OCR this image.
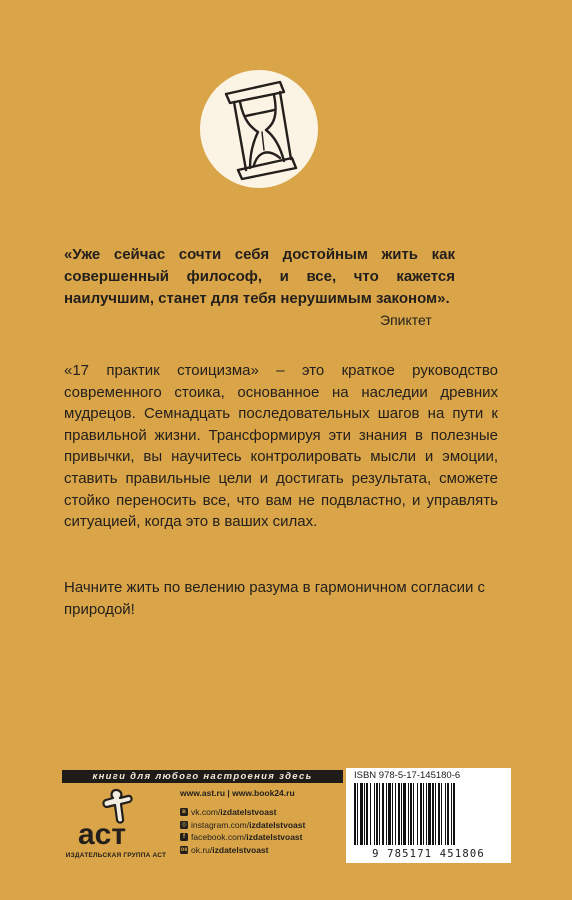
«Уже сейчас сочти себя достойным жить как совершенный философ, и все, что кажется наилучшим, станет для тебя нерушимым законом».

Эпиктет

«17 практик стоицизма» – это краткое руководство современного стоика, основанное на наследии древних мудрецов. Семнадцать последовательных шагов на пути к правильной жизни. Трансформируя эти знания в полезные привычки, вы научитесь контролировать мысли и эмоции, ставить правильные цели и достигать результата, сможете стойко переносить все, что вам не подвластно, и управлять ситуацией, когда это в ваших силах.

Начните жить по велению разума в гармоничном согласии с природой!

книги для любого настроения здесь
аст
ИЗДАТЕЛЬСКАЯ ГРУППА АСТ

www.ast.ru | www.book24.ru

в vk.com/ izdatelstvoast
◎ instagram.com/ izdatelstvoast
f facebook.com/ izdatelstvoast
ок ok.ru/ izdatelstvoast
ISBN 978-5-17-145180-6
9 785171 451806
